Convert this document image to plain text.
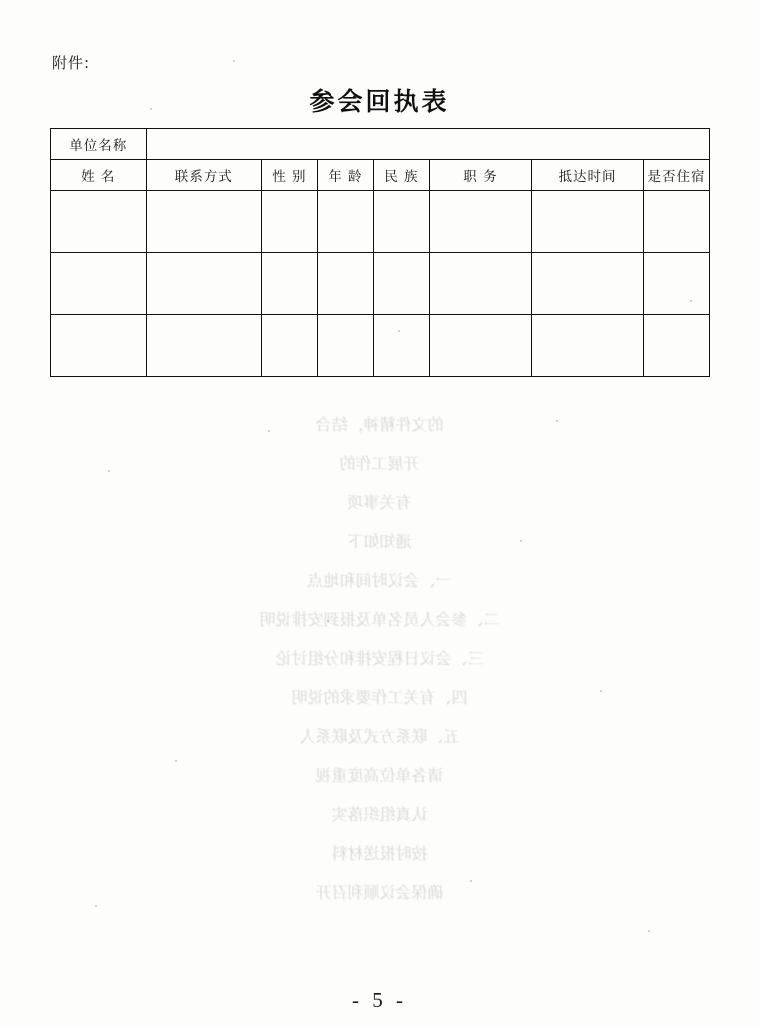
附件:
参会回执表
单位名称							
姓 名	联系方式	性 别	年 龄	民 族	职 务	抵达时间	是否住宿

的文件精神，结合
开展工作的
有关事项
通知如下
一、会议时间和地点
二、参会人员名单及报到安排说明
三、会议日程安排和分组讨论
四、有关工作要求的说明
五、联系方式及联系人
请各单位高度重视
认真组织落实
按时报送材料
确保会议顺利召开
- 5 -
